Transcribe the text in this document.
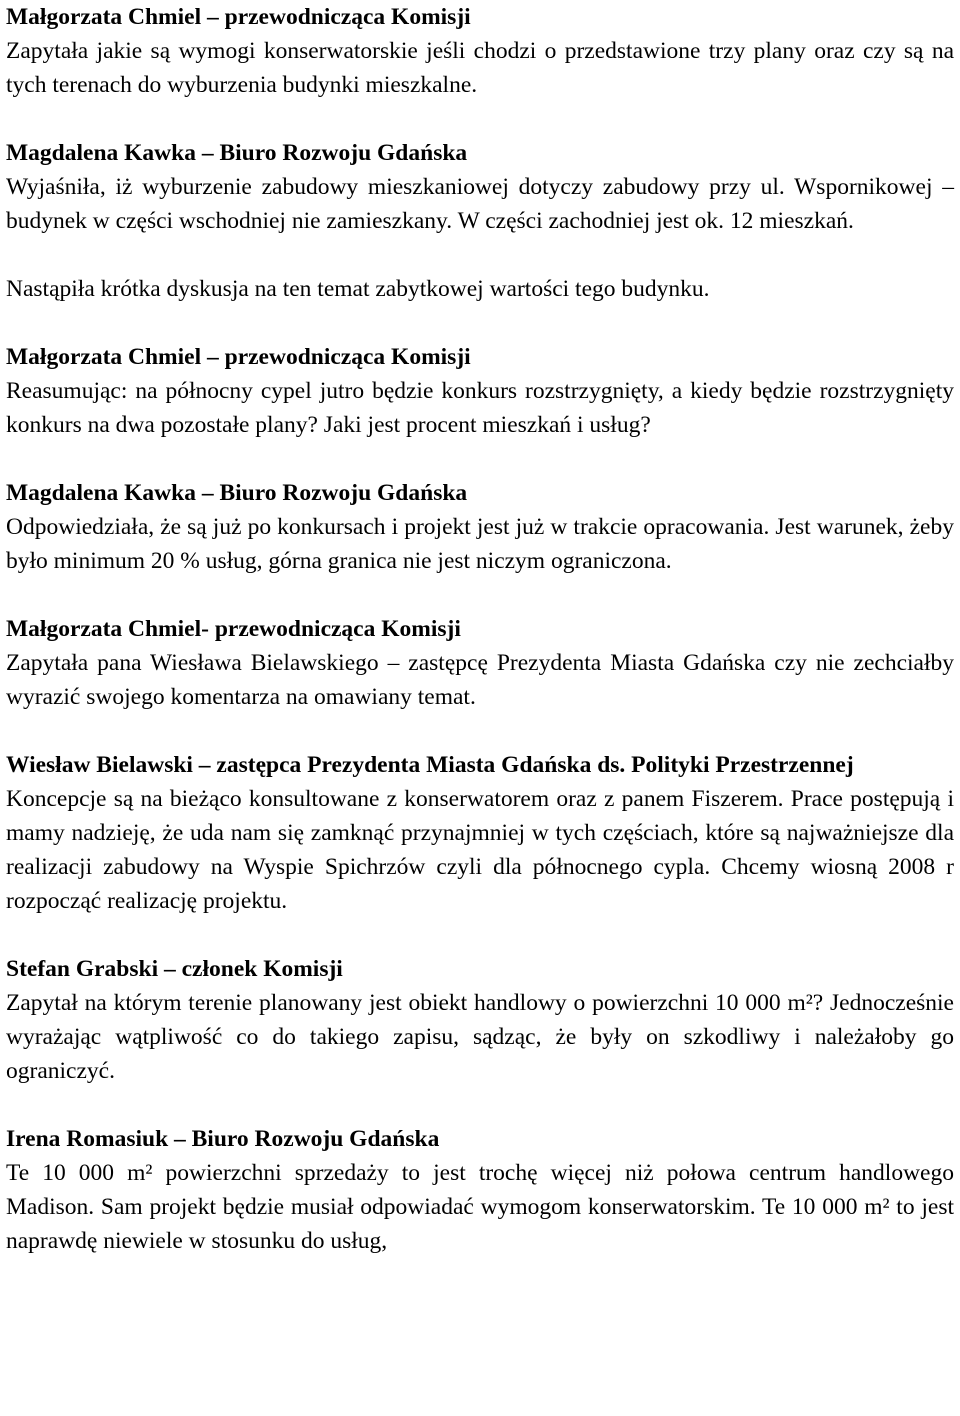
Małgorzata Chmiel – przewodnicząca Komisji

Zapytała jakie są wymogi konserwatorskie jeśli chodzi o przedstawione trzy plany oraz czy są na tych terenach do wyburzenia budynki mieszkalne.

Magdalena Kawka – Biuro Rozwoju Gdańska

Wyjaśniła, iż wyburzenie zabudowy mieszkaniowej dotyczy zabudowy przy ul. Wspornikowej – budynek w części wschodniej nie zamieszkany. W części zachodniej jest ok. 12 mieszkań.

Nastąpiła krótka dyskusja na ten temat zabytkowej wartości tego budynku.

Małgorzata Chmiel – przewodnicząca Komisji

Reasumując: na północny cypel jutro będzie konkurs rozstrzygnięty, a kiedy będzie rozstrzygnięty konkurs na dwa pozostałe plany? Jaki jest procent mieszkań i usług?

Magdalena Kawka – Biuro Rozwoju Gdańska

Odpowiedziała, że są już po konkursach i projekt jest już w trakcie opracowania. Jest warunek, żeby było minimum 20 % usług, górna granica nie jest niczym ograniczona.

Małgorzata Chmiel- przewodnicząca Komisji

Zapytała pana Wiesława Bielawskiego – zastępcę Prezydenta Miasta Gdańska czy nie zechciałby wyrazić swojego komentarza na omawiany temat.

Wiesław Bielawski – zastępca Prezydenta Miasta Gdańska ds. Polityki Przestrzennej

Koncepcje są na bieżąco konsultowane z konserwatorem oraz z panem Fiszerem. Prace postępują i mamy nadzieję, że uda nam się zamknąć przynajmniej w tych częściach, które są najważniejsze dla realizacji zabudowy na Wyspie Spichrzów czyli dla północnego cypla. Chcemy wiosną 2008 r rozpocząć realizację projektu.

Stefan Grabski – członek Komisji

Zapytał na którym terenie planowany jest obiekt handlowy o powierzchni 10 000 m²? Jednocześnie wyrażając wątpliwość co do takiego zapisu, sądząc, że były on szkodliwy i należałoby go ograniczyć.

Irena Romasiuk – Biuro Rozwoju Gdańska

Te 10 000 m² powierzchni sprzedaży to jest trochę więcej niż połowa centrum handlowego Madison. Sam projekt będzie musiał odpowiadać wymogom konserwatorskim. Te 10 000 m² to jest naprawdę niewiele w stosunku do usług,
